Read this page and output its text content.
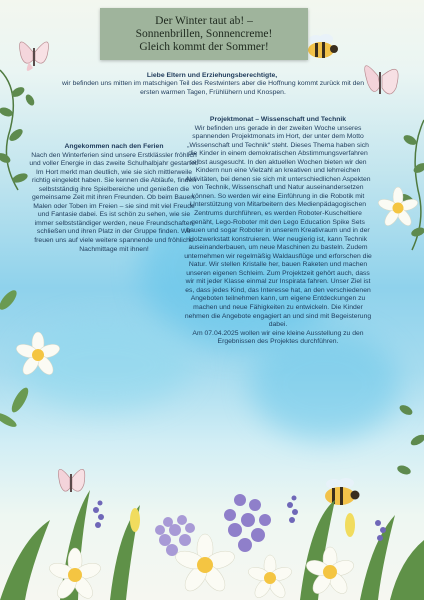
Der Winter taut ab! –
Sonnenbrillen, Sonnencreme!
Gleich kommt der Sommer!
Liebe Eltern und Erziehungsberechtigte,
wir befinden uns mitten im matschigen Teil des Restwinters aber die Hoffnung kommt zurück mit den ersten warmen Tagen, Frühlühern und Knospen.
Angekommen nach den Ferien
Nach den Winterferien sind unsere Erstklässler fröhlich und voller Energie in das zweite Schulhalbjahr gestartet. Im Hort merkt man deutlich, wie sie sich mittlerweile richtig eingelebt haben. Sie kennen die Abläufe, finden selbstständig ihre Spielbereiche und genießen die gemeinsame Zeit mit ihren Freunden. Ob beim Bauen, Malen oder Toben im Freien – sie sind mit viel Freude und Fantasie dabei. Es ist schön zu sehen, wie sie immer selbstständiger werden, neue Freundschaften schließen und ihren Platz in der Gruppe finden. Wir freuen uns auf viele weitere spannende und fröhliche Nachmittage mit ihnen!
Projektmonat – Wissenschaft und Technik
Wir befinden uns gerade in der zweiten Woche unseres spannenden Projektmonats im Hort, der unter dem Motto „Wissenschaft und Technik“ steht. Dieses Thema haben sich die Kinder in einem demokratischen Abstimmungsverfahren selbst ausgesucht. In den aktuellen Wochen bieten wir den Kindern nun eine Vielzahl an kreativen und lehrreichen Aktivitäten, bei denen sie sich mit unterschiedlichen Aspekten von Technik, Wissenschaft und Natur auseinandersetzen können. So werden wir eine Einführung in die Robotik mit Unterstützung von Mitarbeitern des Medienpädagogischen Zentrums durchführen, es werden Roboter-Kuscheltiere genäht, Lego-Roboter mit den Lego Education Spike Sets bauen und sogar Roboter in unserem Kreativraum und in der Holzwerkstatt konstruieren. Wer neugierig ist, kann Technik auseinanderbauen, um neue Maschinen zu basteln. Zudem unternehmen wir regelmäßig Waldausflüge und erforschen die Natur. Wir stellen Kristalle her, bauen Raketen und machen unseren eigenen Schleim. Zum Projektzeit gehört auch, dass wir mit jeder Klasse einmal zur Inspirata fahren. Unser Ziel ist es, dass jedes Kind, das Interesse hat, an den verschiedenen Angeboten teilnehmen kann, um eigene Entdeckungen zu machen und neue Fähigkeiten zu entwickeln. Die Kinder nehmen die Angebote engagiert an und sind mit Begeisterung dabei.
Am 07.04.2025 wollen wir eine kleine Ausstellung zu den Ergebnissen des Projektes durchführen.
